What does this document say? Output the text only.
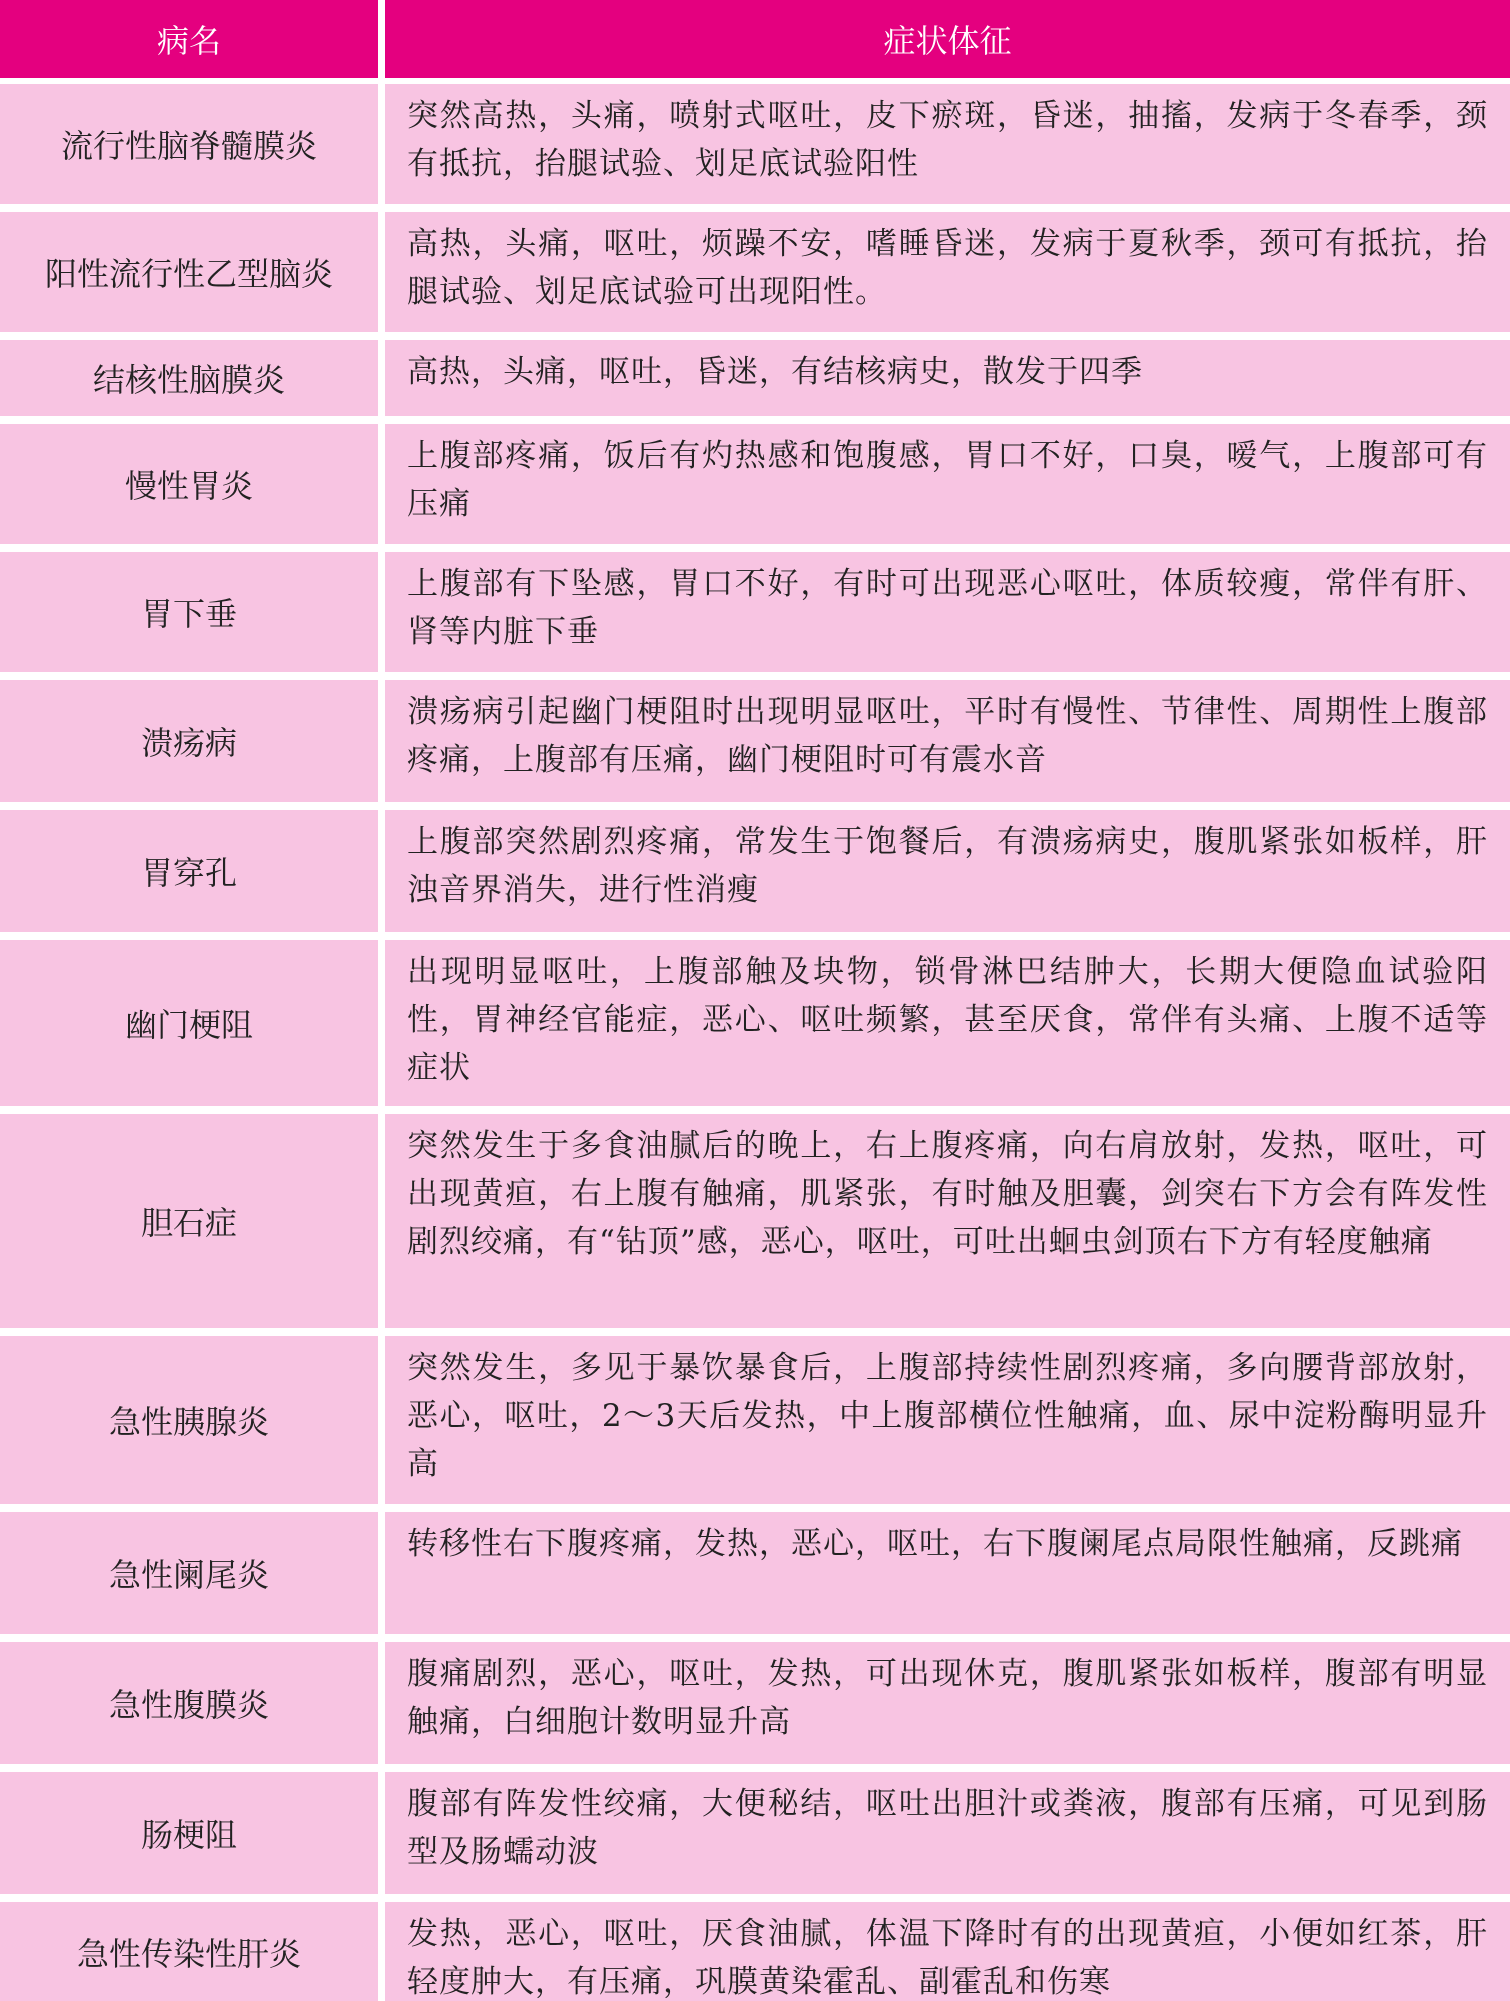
病名	症状体征
流行性脑脊髓膜炎
突然高热，头痛，喷射式呕吐，皮下瘀斑，昏迷，抽搐，发病于冬春季，颈有抵抗，抬腿试验、划足底试验阳性
阳性流行性乙型脑炎
高热，头痛，呕吐，烦躁不安，嗜睡昏迷，发病于夏秋季，颈可有抵抗，抬腿试验、划足底试验可出现阳性。
结核性脑膜炎	高热，头痛，呕吐，昏迷，有结核病史，散发于四季
慢性胃炎
上腹部疼痛，饭后有灼热感和饱腹感，胃口不好，口臭，嗳气，上腹部可有压痛
胃下垂
上腹部有下坠感，胃口不好，有时可出现恶心呕吐，体质较瘦，常伴有肝、肾等内脏下垂
溃疡病
溃疡病引起幽门梗阻时出现明显呕吐，平时有慢性、节律性、周期性上腹部疼痛，上腹部有压痛，幽门梗阻时可有震水音
胃穿孔
上腹部突然剧烈疼痛，常发生于饱餐后，有溃疡病史，腹肌紧张如板样，肝浊音界消失，进行性消瘦
幽门梗阻
出现明显呕吐，上腹部触及块物，锁骨淋巴结肿大，长期大便隐血试验阳性，胃神经官能症，恶心、呕吐频繁，甚至厌食，常伴有头痛、上腹不适等症状
胆石症
突然发生于多食油腻后的晚上，右上腹疼痛，向右肩放射，发热，呕吐，可出现黄疸，右上腹有触痛，肌紧张，有时触及胆囊，剑突右下方会有阵发性剧烈绞痛，有“钻顶”感，恶心，呕吐，可吐出蛔虫剑顶右下方有轻度触痛
急性胰腺炎
突然发生，多见于暴饮暴食后，上腹部持续性剧烈疼痛，多向腰背部放射，恶心，呕吐，2～3天后发热，中上腹部横位性触痛，血、尿中淀粉酶明显升高
急性阑尾炎
转移性右下腹疼痛，发热，恶心，呕吐，右下腹阑尾点局限性触痛，反跳痛
急性腹膜炎
腹痛剧烈，恶心，呕吐，发热，可出现休克，腹肌紧张如板样，腹部有明显触痛，白细胞计数明显升高
肠梗阻
腹部有阵发性绞痛，大便秘结，呕吐出胆汁或粪液，腹部有压痛，可见到肠型及肠蠕动波
急性传染性肝炎
发热，恶心，呕吐，厌食油腻，体温下降时有的出现黄疸，小便如红茶，肝轻度肿大，有压痛，巩膜黄染霍乱、副霍乱和伤寒
